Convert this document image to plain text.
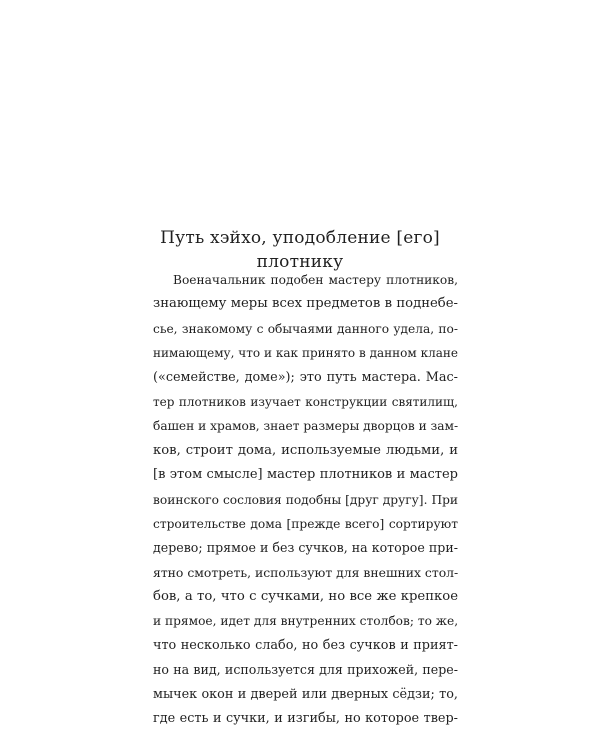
Путь хэйхо, уподобление [его]
плотнику
Военачальник подобен мастеру плотников,
знающему меры всех предметов в поднебе-
сье, знакомому с обычаями данного удела, по-
нимающему, что и как принято в данном клане
(«семействе, доме»); это путь мастера. Мас-
тер плотников изучает конструкции святилищ,
башен и храмов, знает размеры дворцов и зам-
ков, строит дома, используемые людьми, и
[в этом смысле] мастер плотников и мастер
воинского сословия подобны [друг другу]. При
строительстве дома [прежде всего] сортируют
дерево; прямое и без сучков, на которое при-
ятно смотреть, используют для внешних стол-
бов, а то, что с сучками, но все же крепкое
и прямое, идет для внутренних столбов; то же,
что несколько слабо, но без сучков и прият-
но на вид, используется для прихожей, пере-
мычек окон и дверей или дверных сёдзи; то,
где есть и сучки, и изгибы, но которое твер-
